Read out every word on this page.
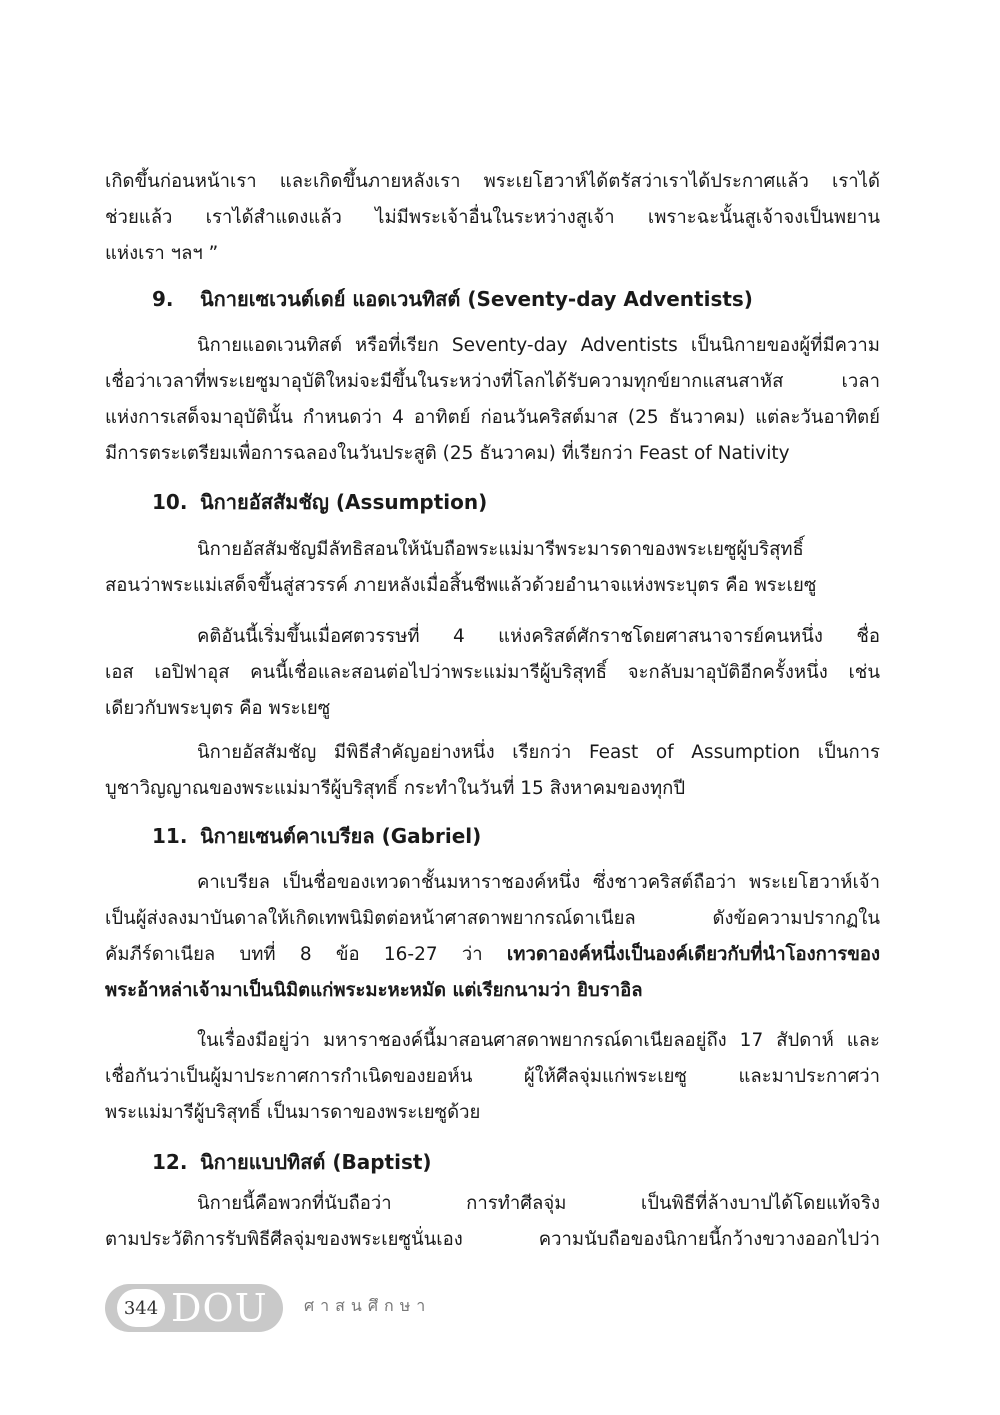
เกิดขึ้นก่อนหน้าเรา และเกิดขึ้นภายหลังเรา พระเยโฮวาห์ได้ตรัสว่าเราได้ประกาศแล้ว เราได้
ช่วยแล้ว เราได้สำแดงแล้ว ไม่มีพระเจ้าอื่นในระหว่างสูเจ้า เพราะฉะนั้นสูเจ้าจงเป็นพยาน
แห่งเรา ฯลฯ ”

9. นิกายเซเวนต์เดย์ แอดเวนทิสต์ (Seventy-day Adventists)

นิกายแอดเวนทิสต์ หรือที่เรียก Seventy-day Adventists เป็นนิกายของผู้ที่มีความ
เชื่อว่าเวลาที่พระเยซูมาอุบัติใหม่จะมีขึ้นในระหว่างที่โลกได้รับความทุกข์ยากแสนสาหัส เวลา
แห่งการเสด็จมาอุบัตินั้น กำหนดว่า 4 อาทิตย์ ก่อนวันคริสต์มาส (25 ธันวาคม) แต่ละวันอาทิตย์
มีการตระเตรียมเพื่อการฉลองในวันประสูติ (25 ธันวาคม) ที่เรียกว่า Feast of Nativity

10. นิกายอัสสัมชัญ (Assumption)

นิกายอัสสัมชัญมีลัทธิสอนให้นับถือพระแม่มารีพระมารดาของพระเยซูผู้บริสุทธิ์
สอนว่าพระแม่เสด็จขึ้นสู่สวรรค์ ภายหลังเมื่อสิ้นชีพแล้วด้วยอำนาจแห่งพระบุตร คือ พระเยซู

คติอันนี้เริ่มขึ้นเมื่อศตวรรษที่ 4 แห่งคริสต์ศักราชโดยศาสนาจารย์คนหนึ่ง ชื่อ
เอส เอปิฟาอุส คนนี้เชื่อและสอนต่อไปว่าพระแม่มารีผู้บริสุทธิ์ จะกลับมาอุบัติอีกครั้งหนึ่ง เช่น
เดียวกับพระบุตร คือ พระเยซู

นิกายอัสสัมชัญ มีพิธีสำคัญอย่างหนึ่ง เรียกว่า Feast of Assumption เป็นการ
บูชาวิญญาณของพระแม่มารีผู้บริสุทธิ์ กระทำในวันที่ 15 สิงหาคมของทุกปี

11. นิกายเซนต์คาเบรียล (Gabriel)

คาเบรียล เป็นชื่อของเทวดาชั้นมหาราชองค์หนึ่ง ซึ่งชาวคริสต์ถือว่า พระเยโฮวาห์เจ้า
เป็นผู้ส่งลงมาบันดาลให้เกิดเทพนิมิตต่อหน้าศาสดาพยากรณ์ดาเนียล ดังข้อความปรากฏใน
คัมภีร์ดาเนียล บทที่ 8 ข้อ 16-27 ว่า เทวดาองค์หนึ่งเป็นองค์เดียวกับที่นำโองการของ
พระอ้าหล่าเจ้ามาเป็นนิมิตแก่พระมะหะหมัด แต่เรียกนามว่า ยิบราอิล

ในเรื่องมีอยู่ว่า มหาราชองค์นี้มาสอนศาสดาพยากรณ์ดาเนียลอยู่ถึง 17 สัปดาห์ และ
เชื่อกันว่าเป็นผู้มาประกาศการกำเนิดของยอห์น ผู้ให้ศีลจุ่มแก่พระเยซู และมาประกาศว่า
พระแม่มารีผู้บริสุทธิ์ เป็นมารดาของพระเยซูด้วย

12. นิกายแบปทิสต์ (Baptist)

นิกายนี้คือพวกที่นับถือว่า การทำศีลจุ่ม เป็นพิธีที่ล้างบาปได้โดยแท้จริง
ตามประวัติการรับพิธีศีลจุ่มของพระเยซูนั่นเอง ความนับถือของนิกายนี้กว้างขวางออกไปว่า

344 DOU ศาสนศึกษา
